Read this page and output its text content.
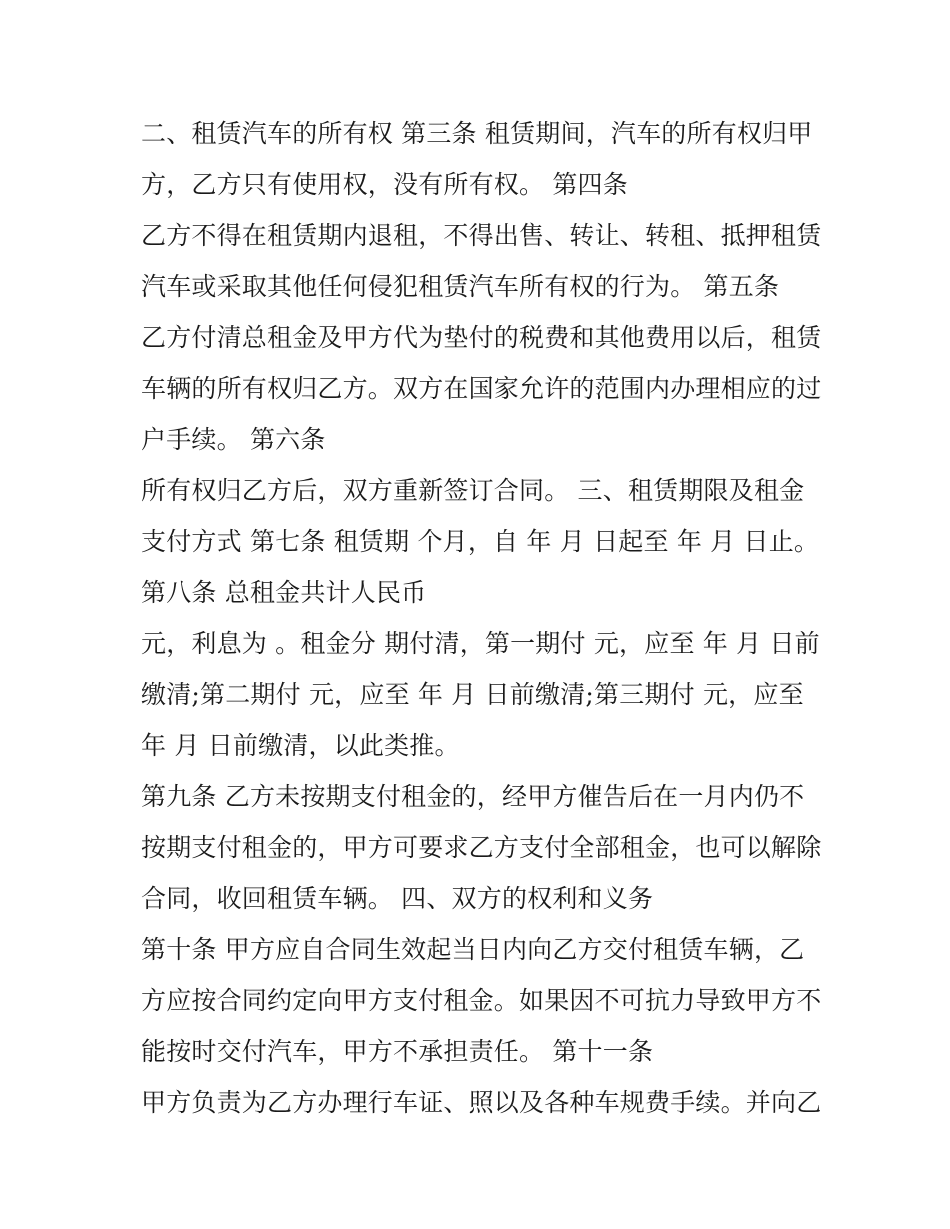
二、租赁汽车的所有权 第三条 租赁期间，汽车的所有权归甲
方，乙方只有使用权，没有所有权。 第四条
乙方不得在租赁期内退租，不得出售、转让、转租、抵押租赁
汽车或采取其他任何侵犯租赁汽车所有权的行为。 第五条
乙方付清总租金及甲方代为垫付的税费和其他费用以后，租赁
车辆的所有权归乙方。双方在国家允许的范围内办理相应的过
户手续。 第六条
所有权归乙方后，双方重新签订合同。 三、租赁期限及租金
支付方式 第七条 租赁期 个月，自 年 月 日起至 年 月 日止。
第八条 总租金共计人民币
元，利息为 。租金分 期付清，第一期付 元，应至 年 月 日前
缴清;第二期付 元，应至 年 月 日前缴清;第三期付 元，应至
年 月 日前缴清，以此类推。
第九条 乙方未按期支付租金的，经甲方催告后在一月内仍不
按期支付租金的，甲方可要求乙方支付全部租金，也可以解除
合同，收回租赁车辆。 四、双方的权利和义务
第十条 甲方应自合同生效起当日内向乙方交付租赁车辆，乙
方应按合同约定向甲方支付租金。如果因不可抗力导致甲方不
能按时交付汽车，甲方不承担责任。 第十一条
甲方负责为乙方办理行车证、照以及各种车规费手续。并向乙
